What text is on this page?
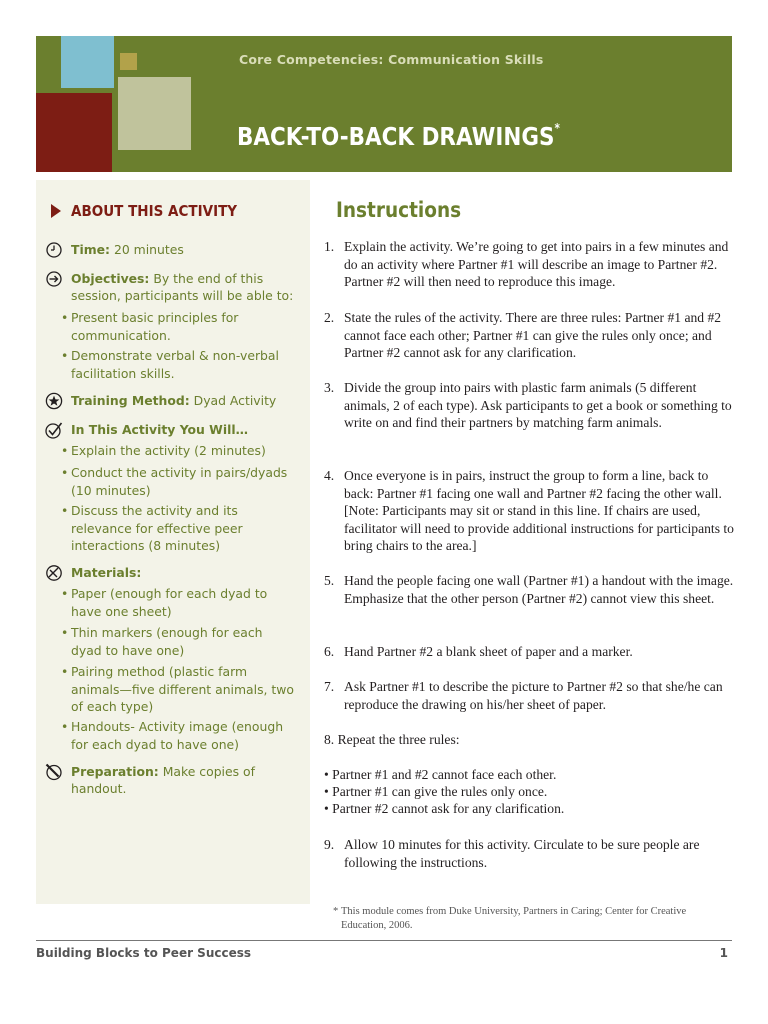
Core Competencies: Communication Skills
BACK-TO-BACK DRAWINGS*
ABOUT THIS ACTIVITY
Time: 20 minutes
Objectives: By the end of this session, participants will be able to:
• Present basic principles for communication.
• Demonstrate verbal & non-verbal facilitation skills.
Training Method: Dyad Activity
In This Activity You Will…
• Explain the activity (2 minutes)
• Conduct the activity in pairs/dyads (10 minutes)
• Discuss the activity and its relevance for effective peer interactions (8 minutes)
Materials:
• Paper (enough for each dyad to have one sheet)
• Thin markers (enough for each dyad to have one)
• Pairing method (plastic farm animals—five different animals, two of each type)
• Handouts- Activity image (enough for each dyad to have one)
Preparation: Make copies of handout.
Instructions
1. Explain the activity. We’re going to get into pairs in a few minutes and do an activity where Partner #1 will describe an image to Partner #2. Partner #2 will then need to reproduce this image.
2. State the rules of the activity. There are three rules: Partner #1 and #2 cannot face each other; Partner #1 can give the rules only once; and Partner #2 cannot ask for any clarification.
3. Divide the group into pairs with plastic farm animals (5 different animals, 2 of each type). Ask participants to get a book or something to write on and find their partners by matching farm animals.
4. Once everyone is in pairs, instruct the group to form a line, back to back: Partner #1 facing one wall and Partner #2 facing the other wall. [Note: Participants may sit or stand in this line. If chairs are used, facilitator will need to provide additional instructions for participants to bring chairs to the area.]
5. Hand the people facing one wall (Partner #1) a handout with the image. Emphasize that the other person (Partner #2) cannot view this sheet.
6. Hand Partner #2 a blank sheet of paper and a marker.
7. Ask Partner #1 to describe the picture to Partner #2 so that she/he can reproduce the drawing on his/her sheet of paper.
8. Repeat the three rules:
• Partner #1 and #2 cannot face each other.
• Partner #1 can give the rules only once.
• Partner #2 cannot ask for any clarification.
9. Allow 10 minutes for this activity. Circulate to be sure people are following the instructions.
* This module comes from Duke University, Partners in Caring; Center for Creative Education, 2006.
Building Blocks to Peer Success	1
